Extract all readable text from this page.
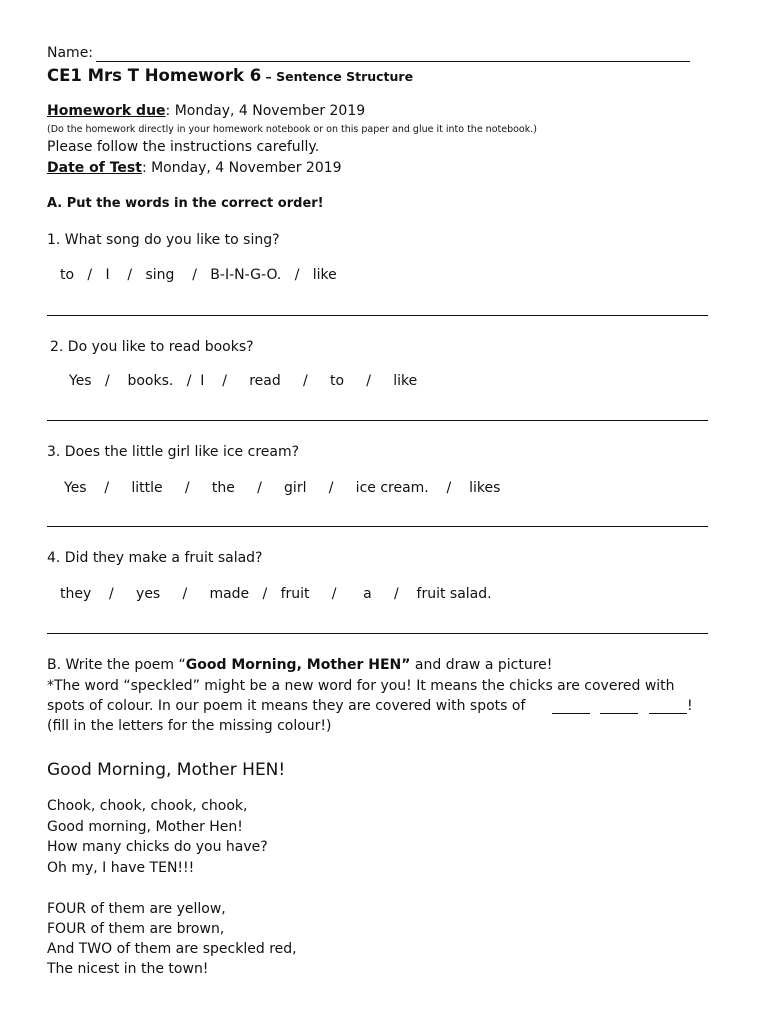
Name:
CE1 Mrs T Homework 6 – Sentence Structure
Homework due: Monday, 4 November 2019
(Do the homework directly in your homework notebook or on this paper and glue it into the notebook.)
Please follow the instructions carefully.
Date of Test: Monday, 4 November 2019
A. Put the words in the correct order!
1. What song do you like to sing?
to   /   I    /   sing    /   B-I-N-G-O.   /   like
2. Do you like to read books?
Yes   /    books.   /  I    /     read     /     to     /     like
3. Does the little girl like ice cream?
Yes    /     little     /     the     /     girl     /     ice cream.    /    likes
4. Did they make a fruit salad?
they    /     yes     /     made   /   fruit     /      a     /    fruit salad.
B. Write the poem “Good Morning, Mother HEN” and draw a picture!
*The word “speckled” might be a new word for you! It means the chicks are covered with
spots of colour. In our poem it means they are covered with spots of	!
(fill in the letters for the missing colour!)
Good Morning, Mother HEN!
Chook, chook, chook, chook,
Good morning, Mother Hen!
How many chicks do you have?
Oh my, I have TEN!!!
FOUR of them are yellow,
FOUR of them are brown,
And TWO of them are speckled red,
The nicest in the town!
